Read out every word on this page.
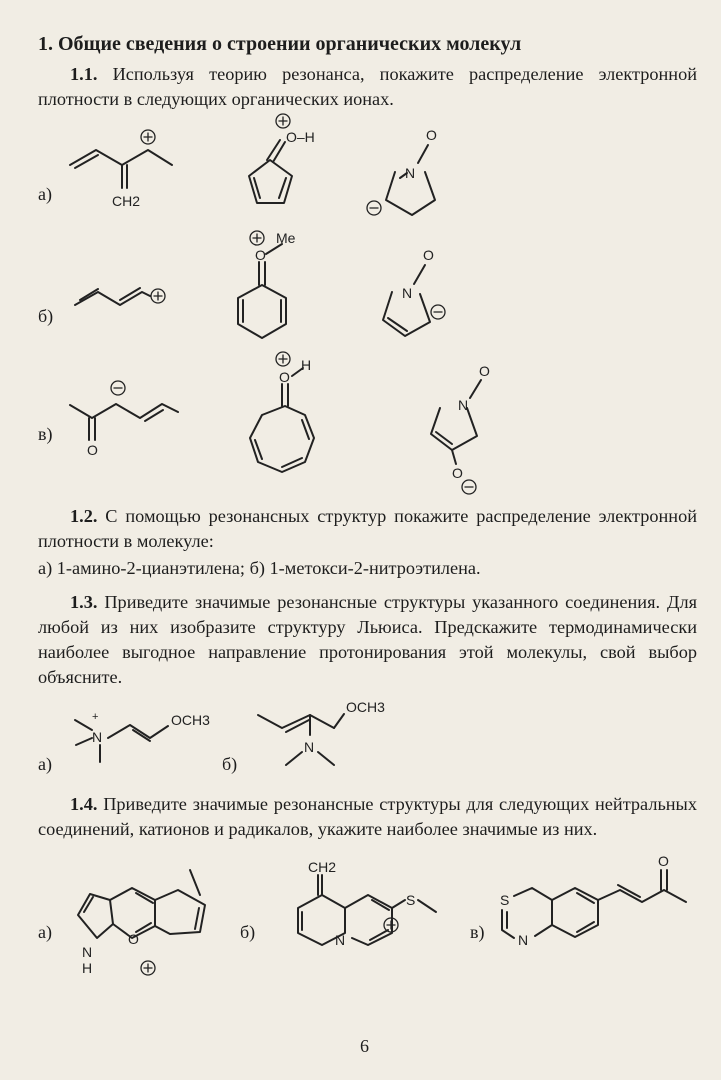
1. Общие сведения о строении органических молекул
1.1. Используя теорию резонанса, покажите распределение электронной плотности в следующих органических ионах.
а)
б)
в)
CH2
O–H
N
O
O
Me
N
O
O
O
H
N
O
O
N
+	OCH3
OCH3
N
N
H
O	N
CH2
S	S
N
O
1.2. С помощью резонансных структур покажите распределение электронной плотности в молекуле:
а) 1-амино-2-цианэтилена; б) 1-метокси-2-нитроэтилена.
1.3. Приведите значимые резонансные структуры указанного соединения. Для любой из них изобразите структуру Льюиса. Предскажите термодинамически наиболее выгодное направление протонирования этой молекулы, свой выбор объясните.
а)	б)
1.4. Приведите значимые резонансные структуры для следующих нейтральных соединений, катионов и радикалов, укажите наиболее значимые из них.
а)	б)	в)
6
